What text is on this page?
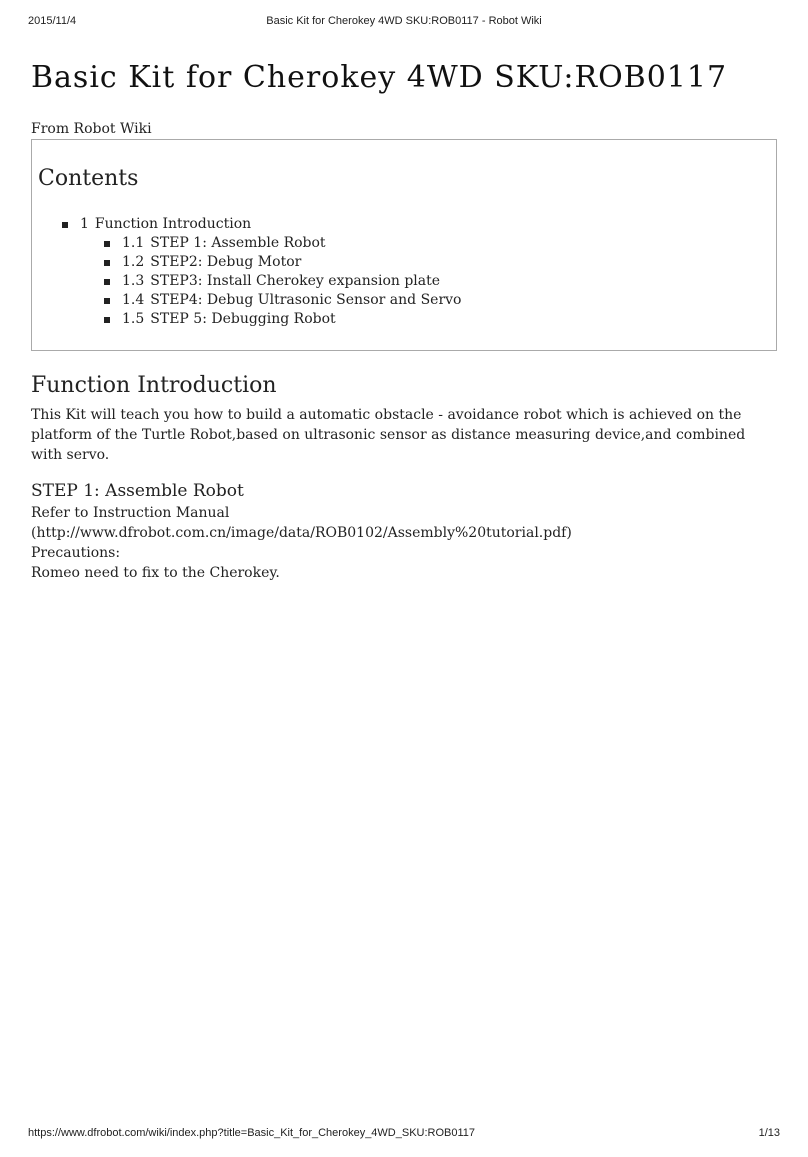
2015/11/4	Basic Kit for Cherokey 4WD SKU:ROB0117 - Robot Wiki
Basic Kit for Cherokey 4WD SKU:ROB0117
From Robot Wiki
Contents
1 Function Introduction
1.1 STEP 1: Assemble Robot
1.2 STEP2: Debug Motor
1.3 STEP3: Install Cherokey expansion plate
1.4 STEP4: Debug Ultrasonic Sensor and Servo
1.5 STEP 5: Debugging Robot
Function Introduction

This Kit will teach you how to build a automatic obstacle - avoidance robot which is achieved on the platform of the Turtle Robot,based on ultrasonic sensor as distance measuring device,and combined with servo.

STEP 1: Assemble Robot

Refer to Instruction Manual
(http://www.dfrobot.com.cn/image/data/ROB0102/Assembly%20tutorial.pdf)

Precautions:

Romeo need to fix to the Cherokey.

https://www.dfrobot.com/wiki/index.php?title=Basic_Kit_for_Cherokey_4WD_SKU:ROB0117	1/13
